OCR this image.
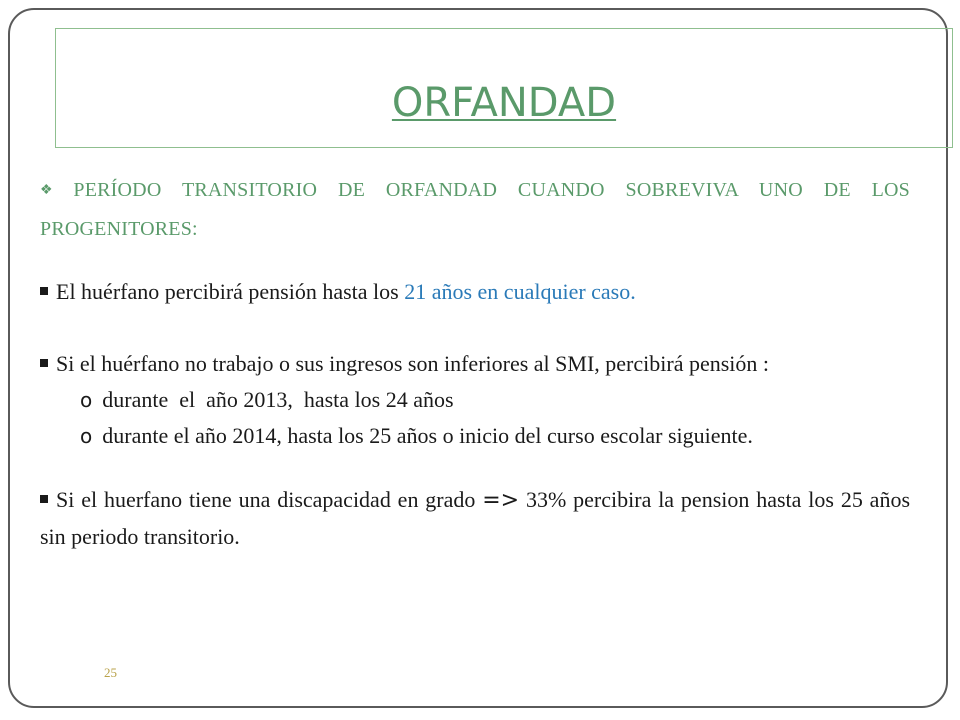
ORFANDAD
❖ PERÍODO TRANSITORIO DE ORFANDAD CUANDO SOBREVIVA UNO DE LOS PROGENITORES:

El huérfano percibirá pensión hasta los 21 años en cualquier caso.

Si el huérfano no trabajo o sus ingresos son inferiores al SMI, percibirá pensión :

o durante  el  año 2013,  hasta los 24 años

o durante el año 2014, hasta los 25 años o inicio del curso escolar siguiente.

Si el huerfano tiene una discapacidad en grado => 33% percibira la pension hasta los 25 años sin periodo transitorio.

25
